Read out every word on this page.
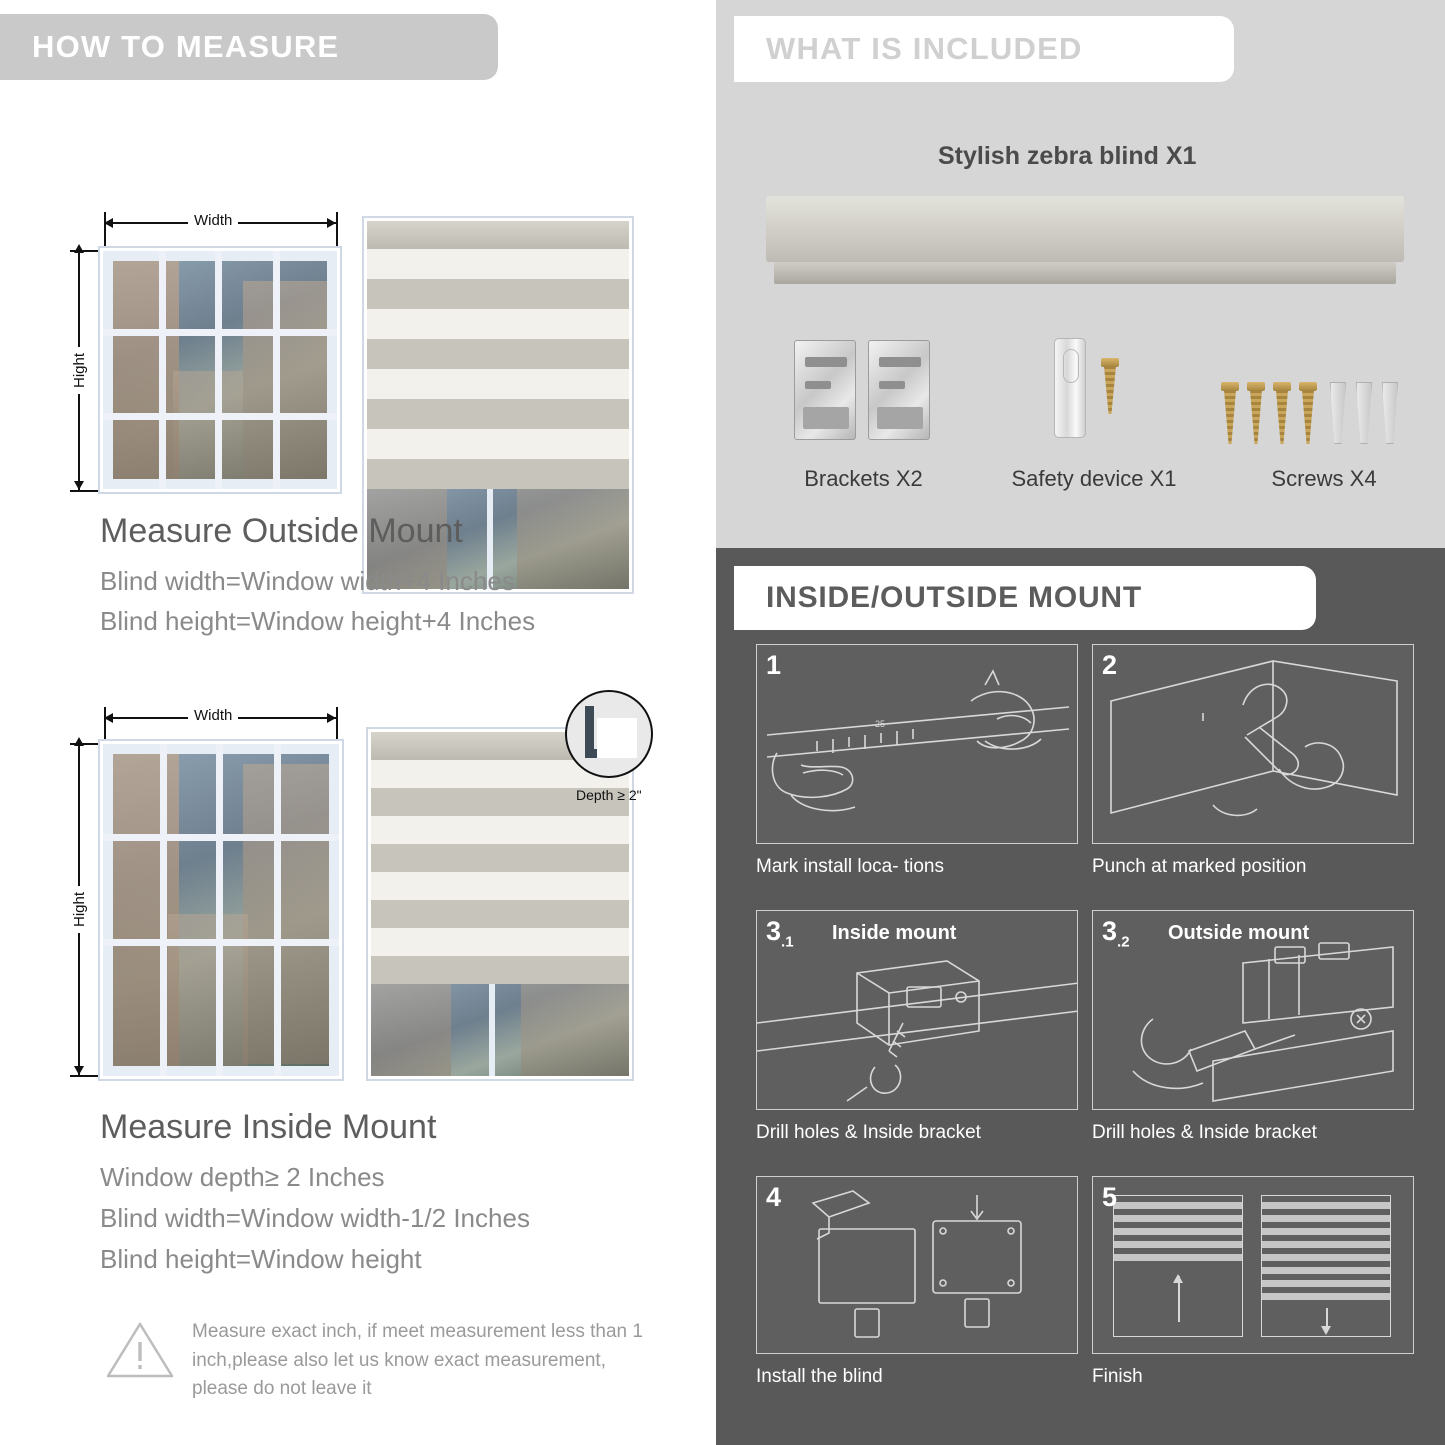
HOW TO MEASURE
Width
Hight
Measure Outside Mount
Blind width=Window width+4 Inches
Blind height=Window height+4 Inches
Width
Hight
Depth ≥ 2"
Measure Inside Mount
Window depth≥ 2 Inches
Blind width=Window width-1/2 Inches
Blind height=Window height
Measure exact inch, if meet measurement less than 1 inch,please also let us know exact measurement, please do not leave it
WHAT IS INCLUDED
Stylish zebra blind X1
Brackets X2	Safety device X1	Screws X4
INSIDE/OUTSIDE MOUNT
25
1
Mark install loca- tions
2
Punch at marked position
$3_{.1}$ Inside mount
Drill holes & Inside bracket
$3_{.2}$ Outside mount
Drill holes & Inside bracket
4
Install the blind
5
Finish
